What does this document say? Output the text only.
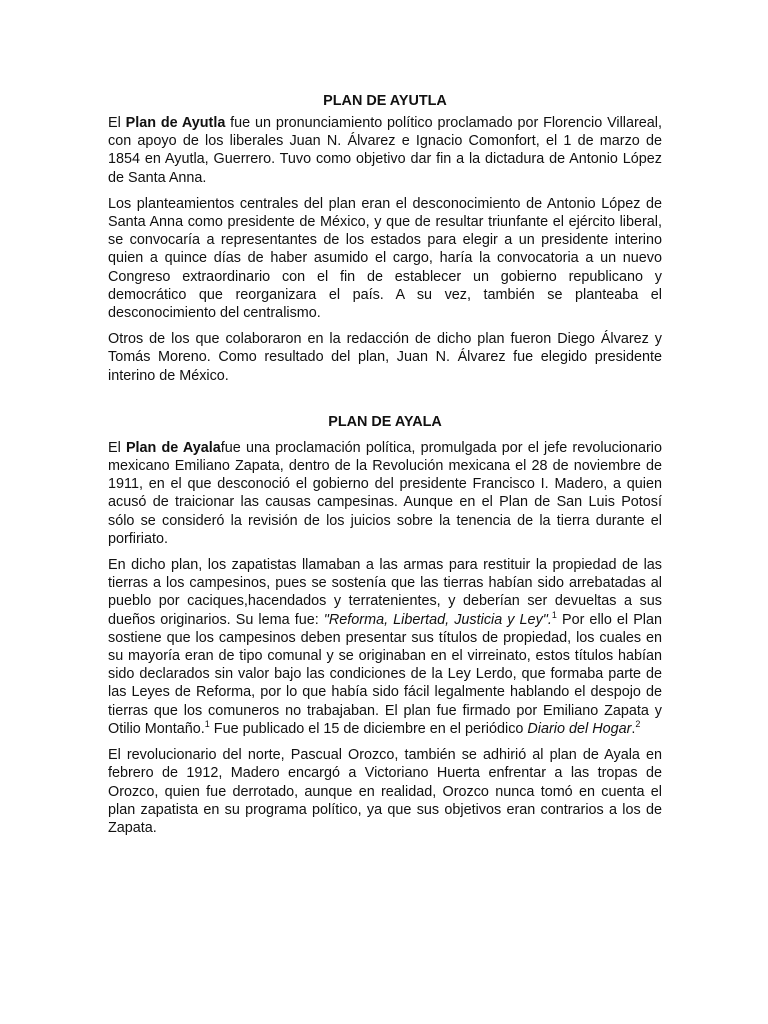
PLAN DE AYUTLA

El Plan de Ayutla fue un pronunciamiento político proclamado por Florencio Villareal, con apoyo de los liberales Juan N. Álvarez e Ignacio Comonfort, el 1 de marzo de 1854 en Ayutla, Guerrero. Tuvo como objetivo dar fin a la dictadura de Antonio López de Santa Anna.

Los planteamientos centrales del plan eran el desconocimiento de Antonio López de Santa Anna como presidente de México, y que de resultar triunfante el ejército liberal, se convocaría a representantes de los estados para elegir a un presidente interino quien a quince días de haber asumido el cargo, haría la convocatoria a un nuevo Congreso extraordinario con el fin de establecer un gobierno republicano y democrático que reorganizara el país. A su vez, también se planteaba el desconocimiento del centralismo.

Otros de los que colaboraron en la redacción de dicho plan fueron Diego Álvarez y Tomás Moreno. Como resultado del plan, Juan N. Álvarez fue elegido presidente interino de México.

PLAN DE AYALA

El Plan de Ayalafue una proclamación política, promulgada por el jefe revolucionario mexicano Emiliano Zapata, dentro de la Revolución mexicana el 28 de noviembre de 1911, en el que desconoció el gobierno del presidente Francisco I. Madero, a quien acusó de traicionar las causas campesinas. Aunque en el Plan de San Luis Potosí sólo se consideró la revisión de los juicios sobre la tenencia de la tierra durante el porfiriato.

En dicho plan, los zapatistas llamaban a las armas para restituir la propiedad de las tierras a los campesinos, pues se sostenía que las tierras habían sido arrebatadas al pueblo por caciques,hacendados y terratenientes, y deberían ser devueltas a sus dueños originarios. Su lema fue: "Reforma, Libertad, Justicia y Ley".$^1$ Por ello el Plan sostiene que los campesinos deben presentar sus títulos de propiedad, los cuales en su mayoría eran de tipo comunal y se originaban en el virreinato, estos títulos habían sido declarados sin valor bajo las condiciones de la Ley Lerdo, que formaba parte de las Leyes de Reforma, por lo que había sido fácil legalmente hablando el despojo de tierras que los comuneros no trabajaban. El plan fue firmado por Emiliano Zapata y Otilio Montaño.$^1$ Fue publicado el 15 de diciembre en el periódico Diario del Hogar.$^2$

El revolucionario del norte, Pascual Orozco, también se adhirió al plan de Ayala en febrero de 1912, Madero encargó a Victoriano Huerta enfrentar a las tropas de Orozco, quien fue derrotado, aunque en realidad, Orozco nunca tomó en cuenta el plan zapatista en su programa político, ya que sus objetivos eran contrarios a los de Zapata.
